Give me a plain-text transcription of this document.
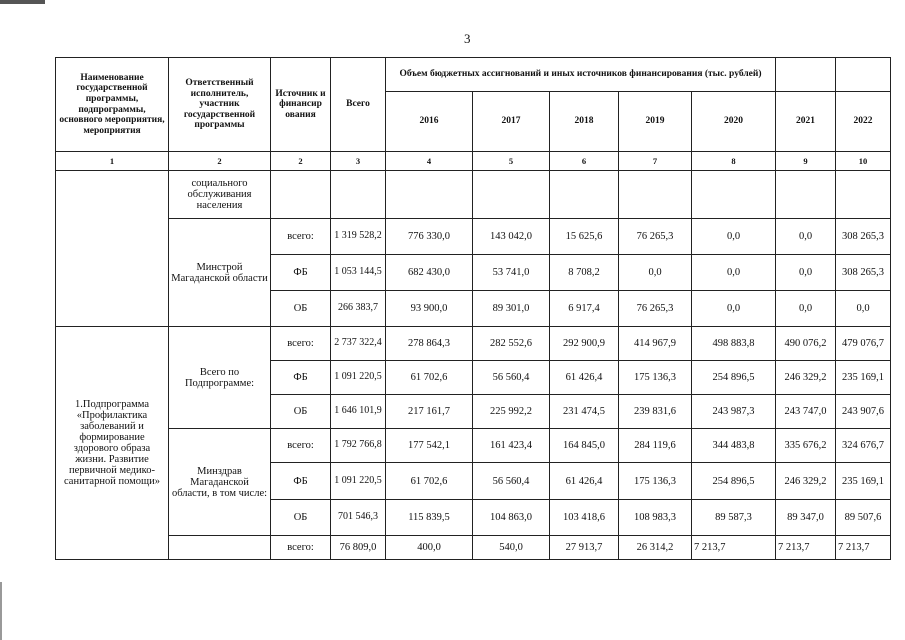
3
Наименование государственной программы, подпрограммы, основного мероприятия, мероприятия	Ответственный исполнитель, участник государственной программы	Источник и финансир ования	Всего	Объем бюджетных ассигнований и иных источников финансирования (тыс. рублей)						
				2016	2017	2018	2019	2020	2021	2022
1	2	2	3	4	5	6	7	8	9	10
	социального обслуживания населения									
	Минстрой Магаданской области	всего:	1 319 528,2	776 330,0	143 042,0	15 625,6	76 265,3	0,0	0,0	308 265,3
		ФБ	1 053 144,5	682 430,0	53 741,0	8 708,2	0,0	0,0	0,0	308 265,3
		ОБ	266 383,7	93 900,0	89 301,0	6 917,4	76 265,3	0,0	0,0	0,0
1.Подпрограмма «Профилактика заболеваний и формирование здорового образа жизни. Развитие первичной медико-санитарной помощи»	Всего по Подпрограмме:	всего:	2 737 322,4	278 864,3	282 552,6	292 900,9	414 967,9	498 883,8	490 076,2	479 076,7
		ФБ	1 091 220,5	61 702,6	56 560,4	61 426,4	175 136,3	254 896,5	246 329,2	235 169,1
		ОБ	1 646 101,9	217 161,7	225 992,2	231 474,5	239 831,6	243 987,3	243 747,0	243 907,6
	Минздрав Магаданской области, в том числе:	всего:	1 792 766,8	177 542,1	161 423,4	164 845,0	284 119,6	344 483,8	335 676,2	324 676,7
		ФБ	1 091 220,5	61 702,6	56 560,4	61 426,4	175 136,3	254 896,5	246 329,2	235 169,1
		ОБ	701 546,3	115 839,5	104 863,0	103 418,6	108 983,3	89 587,3	89 347,0	89 507,6
		всего:	76 809,0	400,0	540,0	27 913,7	26 314,2	7 213,7	7 213,7	7 213,7
